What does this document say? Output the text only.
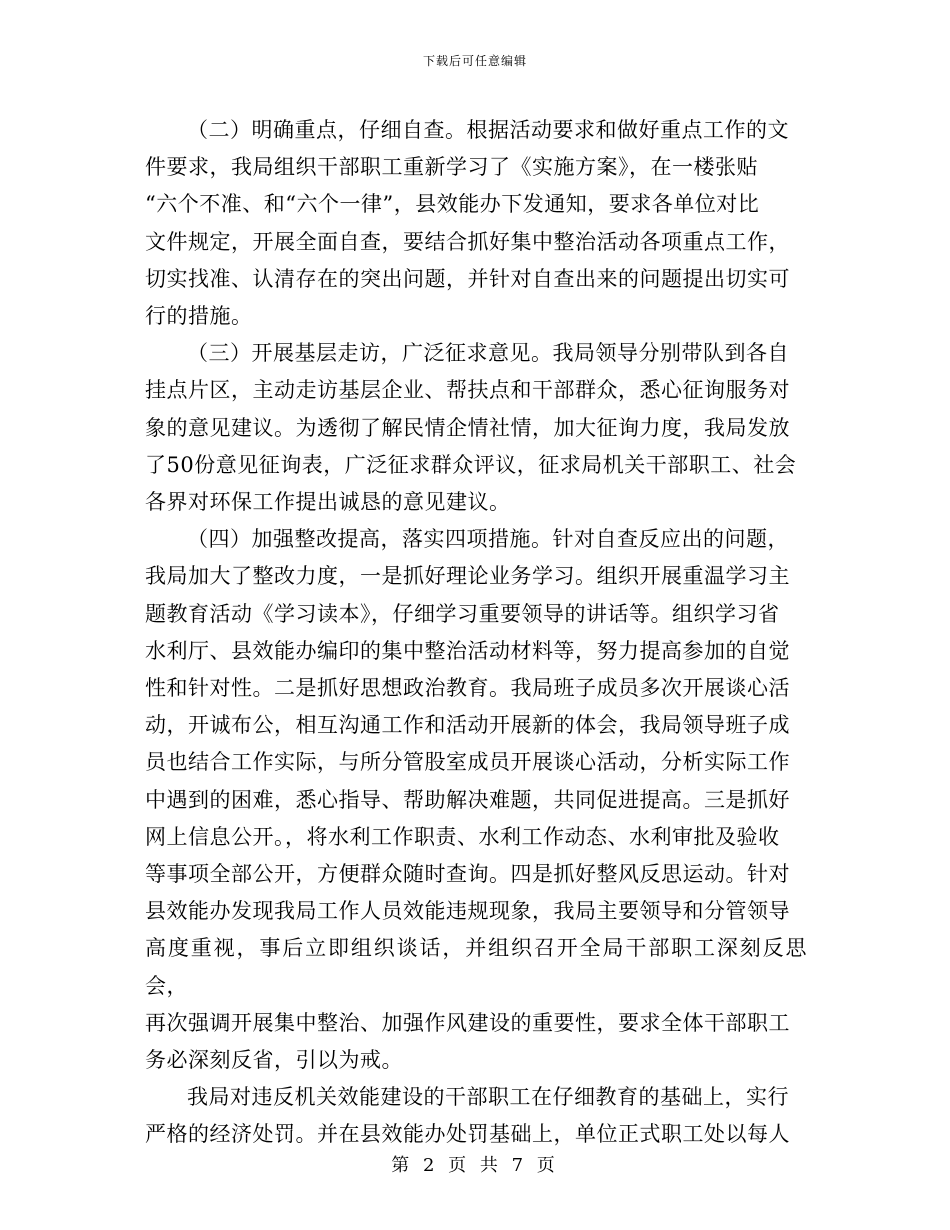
下载后可任意编辑

（二）明确重点，仔细自查。根据活动要求和做好重点工作的文
件要求，我局组织干部职工重新学习了《实施方案》，在一楼张贴
“六个不准、和“六个一律”，县效能办下发通知，要求各单位对比
文件规定，开展全面自查，要结合抓好集中整治活动各项重点工作，
切实找准、认清存在的突出问题，并针对自查出来的问题提出切实可
行的措施。

（三）开展基层走访，广泛征求意见。我局领导分别带队到各自
挂点片区，主动走访基层企业、帮扶点和干部群众，悉心征询服务对
象的意见建议。为透彻了解民情企情社情，加大征询力度，我局发放
了50份意见征询表，广泛征求群众评议，征求局机关干部职工、社会
各界对环保工作提出诚恳的意见建议。

（四）加强整改提高，落实四项措施。针对自查反应出的问题，
我局加大了整改力度，一是抓好理论业务学习。组织开展重温学习主
题教育活动《学习读本》，仔细学习重要领导的讲话等。组织学习省
水利厅、县效能办编印的集中整治活动材料等，努力提高参加的自觉
性和针对性。二是抓好思想政治教育。我局班子成员多次开展谈心活
动，开诚布公，相互沟通工作和活动开展新的体会，我局领导班子成
员也结合工作实际，与所分管股室成员开展谈心活动，分析实际工作
中遇到的困难，悉心指导、帮助解决难题，共同促进提高。三是抓好
网上信息公开。，将水利工作职责、水利工作动态、水利审批及验收
等事项全部公开，方便群众随时查询。四是抓好整风反思运动。针对
县效能办发现我局工作人员效能违规现象，我局主要领导和分管领导
高度重视，事后立即组织谈话，并组织召开全局干部职工深刻反思会，
再次强调开展集中整治、加强作风建设的重要性，要求全体干部职工
务必深刻反省，引以为戒。

我局对违反机关效能建设的干部职工在仔细教育的基础上，实行
严格的经济处罚。并在县效能办处罚基础上，单位正式职工处以每人

第 2 页 共 7 页
